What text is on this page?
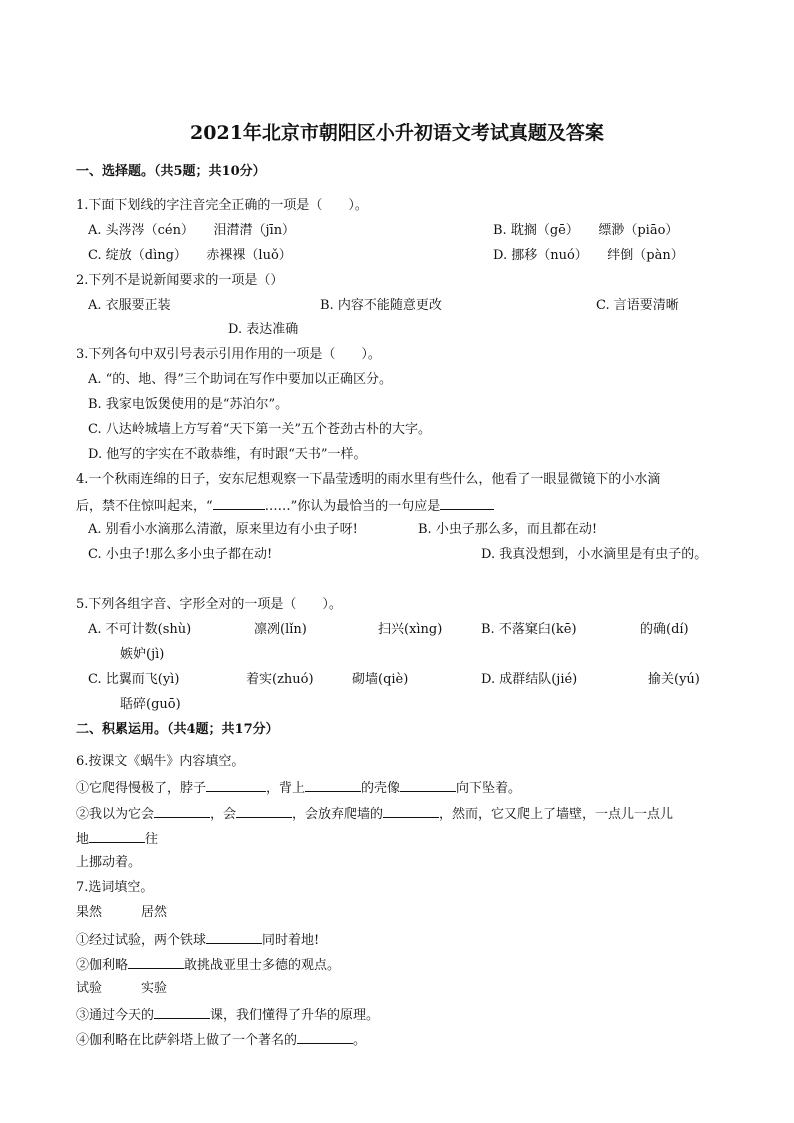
2021年北京市朝阳区小升初语文考试真题及答案
一、选择题。（共5题；共10分）
1.下面下划线的字注音完全正确的一项是（　　）。
A. 头涔涔（cén）　　泪潸潸（jīn）	B. 耽搁（gē）　　缥渺（piāo）
C. 绽放（dìng）　　赤裸裸（luǒ）	D. 挪移（nuó）　　绊倒（pàn）
2.下列不是说新闻要求的一项是（）
A. 衣服要正装	B. 内容不能随意更改	C. 言语要清晰
D. 表达准确
3.下列各句中双引号表示引用作用的一项是（　　）。
A. “的、地、得”三个助词在写作中要加以正确区分。
B. 我家电饭煲使用的是“苏泊尔”。
C. 八达岭城墙上方写着“天下第一关”五个苍劲古朴的大字。
D. 他写的字实在不敢恭维，有时跟“天书”一样。
4.一个秋雨连绵的日子，安东尼想观察一下晶莹透明的雨水里有些什么，他看了一眼显微镜下的小水滴
后，禁不住惊叫起来，“	……”你认为最恰当的一句应是
A. 别看小水滴那么清澈，原来里边有小虫子呀!	B. 小虫子那么多，而且都在动!
C. 小虫子!那么多小虫子都在动!	D. 我真没想到，小水滴里是有虫子的。
5.下列各组字音、字形全对的一项是（　　）。
A. 不可计数(shù)	凛冽(lǐn)	扫兴(xìng)	B. 不落窠臼(kē)	的确(dí)
嫉妒(jì)
C. 比翼而飞(yì)	着实(zhuó)	砌墙(qiè)	D. 成群结队(jié)	揄关(yú)
聒碎(guō)
二、积累运用。（共4题；共17分）
6.按课文《蜗牛》内容填空。
①它爬得慢极了，脖子	，背上	的壳像	向下坠着。
②我以为它会	，会	，会放弃爬墙的	，然而，它又爬上了墙壁，一点儿一点儿
地	往
上挪动着。
7.选词填空。
果然　　　居然
①经过试验，两个铁球	同时着地!
②伽利略	敢挑战亚里士多德的观点。
试验　　　实验
③通过今天的	课，我们懂得了升华的原理。
④伽利略在比萨斜塔上做了一个著名的	。
